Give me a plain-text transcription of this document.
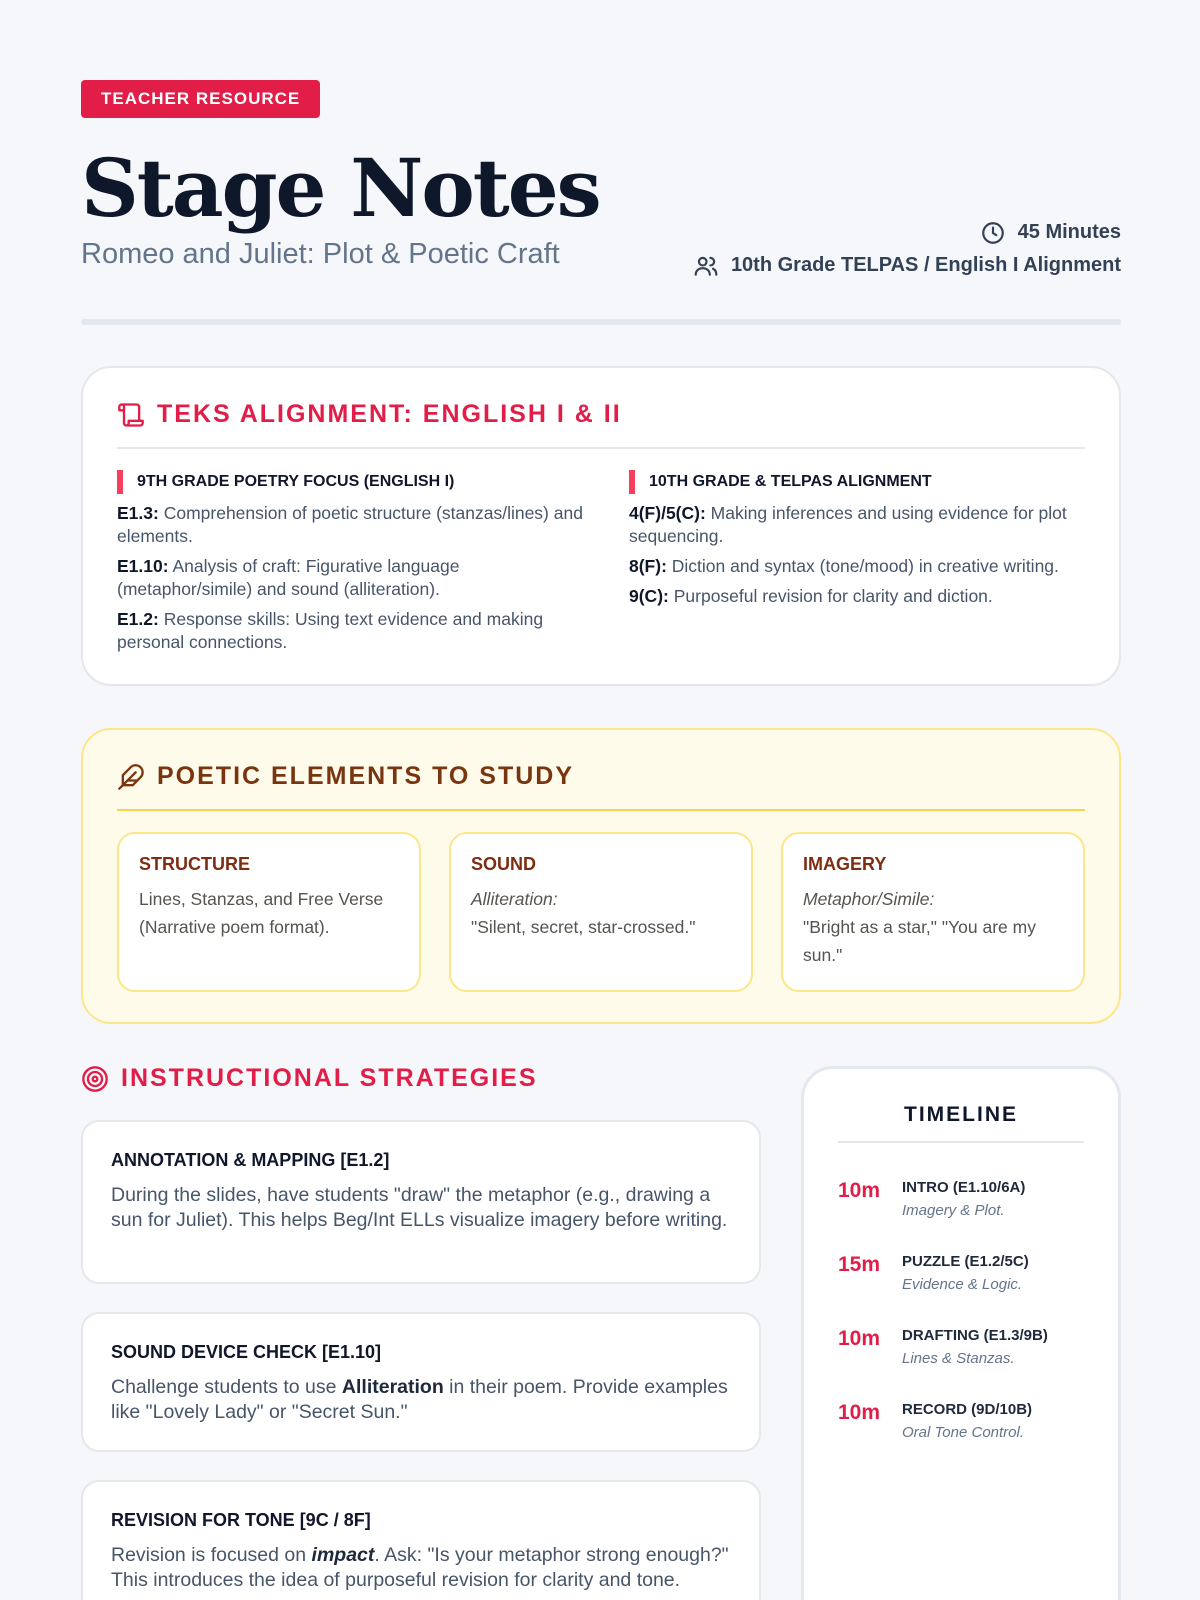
TEACHER RESOURCE
Stage Notes
Romeo and Juliet: Plot & Poetic Craft
45 Minutes
10th Grade TELPAS / English I Alignment
TEKS ALIGNMENT: ENGLISH I & II
9TH GRADE POETRY FOCUS (ENGLISH I)
E1.3: Comprehension of poetic structure (stanzas/lines) and elements.
E1.10: Analysis of craft: Figurative language (metaphor/simile) and sound (alliteration).
E1.2: Response skills: Using text evidence and making personal connections.
10TH GRADE & TELPAS ALIGNMENT
4(F)/5(C): Making inferences and using evidence for plot sequencing.
8(F): Diction and syntax (tone/mood) in creative writing.
9(C): Purposeful revision for clarity and diction.
POETIC ELEMENTS TO STUDY
STRUCTURE
Lines, Stanzas, and Free Verse (Narrative poem format).
SOUND
Alliteration:
"Silent, secret, star-crossed."
IMAGERY
Metaphor/Simile:
"Bright as a star," "You are my sun."
INSTRUCTIONAL STRATEGIES
ANNOTATION & MAPPING [E1.2]
During the slides, have students "draw" the metaphor (e.g., drawing a sun for Juliet). This helps Beg/Int ELLs visualize imagery before writing.
SOUND DEVICE CHECK [E1.10]
Challenge students to use Alliteration in their poem. Provide examples like "Lovely Lady" or "Secret Sun."
REVISION FOR TONE [9C / 8F]
Revision is focused on impact. Ask: "Is your metaphor strong enough?" This introduces the idea of purposeful revision for clarity and tone.
TIMELINE
10m INTRO (E1.10/6A)
Imagery & Plot.
15m PUZZLE (E1.2/5C)
Evidence & Logic.
10m DRAFTING (E1.3/9B)
Lines & Stanzas.
10m RECORD (9D/10B)
Oral Tone Control.
